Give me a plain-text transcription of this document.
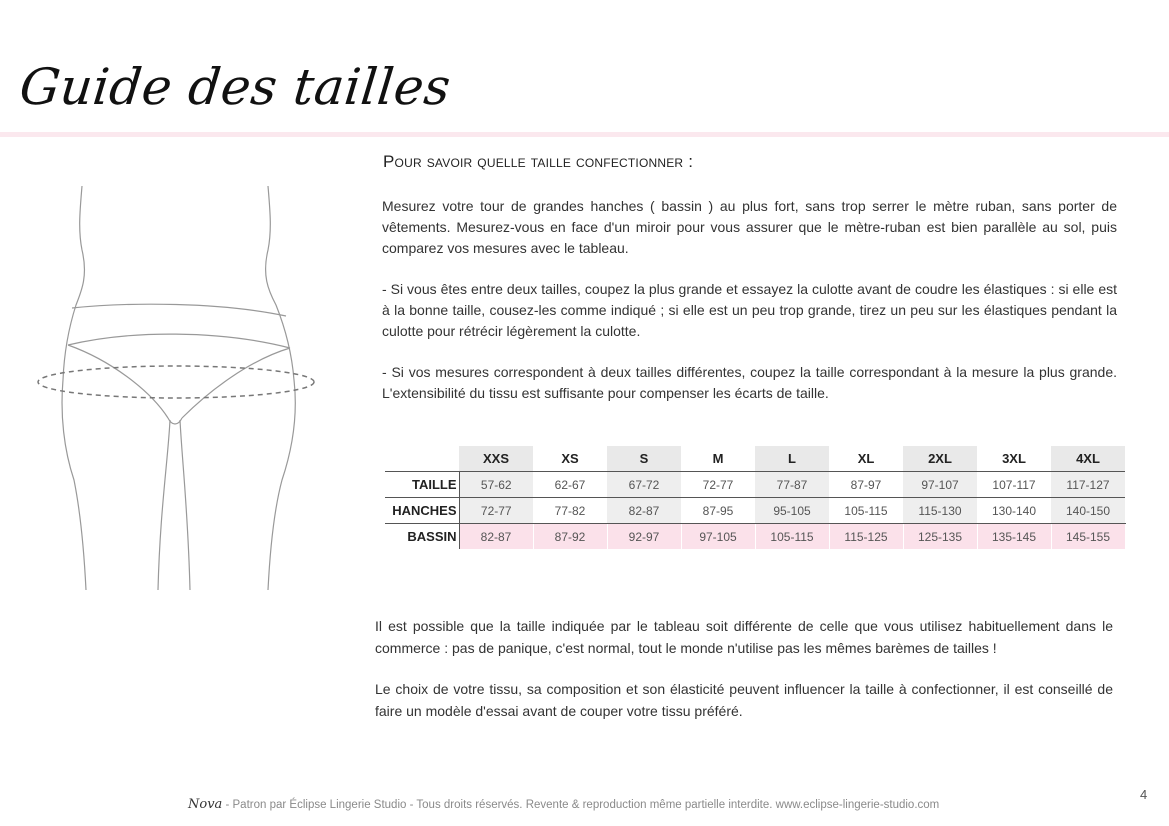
Guide des tailles
Pour savoir quelle taille confectionner :

Mesurez votre tour de grandes hanches ( bassin ) au plus fort, sans trop serrer le mètre ruban, sans porter de vêtements. Mesurez-vous en face d'un miroir pour vous assurer que le mètre-ruban est bien parallèle au sol, puis comparez vos mesures avec le tableau.

- Si vous êtes entre deux tailles, coupez la plus grande et essayez la culotte avant de coudre les élastiques : si elle est à la bonne taille, cousez-les comme indiqué ; si elle est un peu trop grande, tirez un peu sur les élastiques pendant la culotte pour rétrécir légèrement la culotte.

- Si vos mesures correspondent à deux tailles différentes, coupez la taille correspondant à la mesure la plus grande. L'extensibilité du tissu est suffisante pour compenser les écarts de taille.

	XXS	XS	S	M	L	XL	2XL	3XL	4XL
TAILLE	57-62	62-67	67-72	72-77	77-87	87-97	97-107	107-117	117-127
HANCHES	72-77	77-82	82-87	87-95	95-105	105-115	115-130	130-140	140-150
BASSIN	82-87	87-92	92-97	97-105	105-115	115-125	125-135	135-145	145-155

Il est possible que la taille indiquée par le tableau soit différente de celle que vous utilisez habituellement dans le commerce : pas de panique, c'est normal, tout le monde n'utilise pas les mêmes barèmes de tailles !

Le choix de votre tissu, sa composition et son élasticité peuvent influencer la taille à confectionner, il est conseillé de faire un modèle d'essai avant de couper votre tissu préféré.

4
Nova - Patron par Éclipse Lingerie Studio - Tous droits réservés. Revente & reproduction même partielle interdite. www.eclipse-lingerie-studio.com
